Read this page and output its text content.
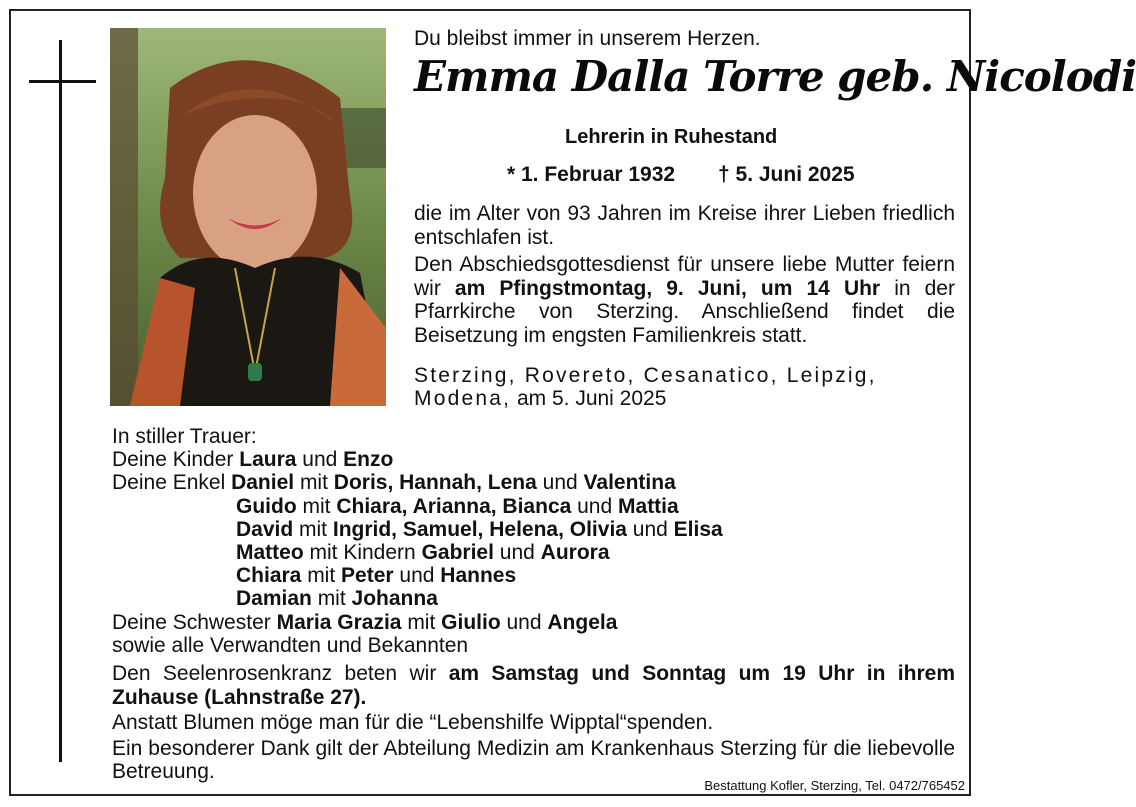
Du bleibst immer in unserem Herzen.
Emma Dalla Torre geb. Nicolodi
Lehrerin in Ruhestand
* 1. Februar 1932 † 5. Juni 2025
die im Alter von 93 Jahren im Kreise ihrer Lieben friedlich entschlafen ist.
Den Abschiedsgottesdienst für unsere liebe Mutter feiern wir am Pfingstmontag, 9. Juni, um 14 Uhr in der Pfarrkirche von Sterzing. Anschließend findet die Beisetzung im engsten Familienkreis statt.
Sterzing, Rovereto, Cesanatico, Leipzig,
Modena, am 5. Juni 2025
In stiller Trauer:
Deine Kinder Laura und Enzo
Deine Enkel Daniel mit Doris, Hannah, Lena und Valentina
Guido mit Chiara, Arianna, Bianca und Mattia
David mit Ingrid, Samuel, Helena, Olivia und Elisa
Matteo mit Kindern Gabriel und Aurora
Chiara mit Peter und Hannes
Damian mit Johanna
Deine Schwester Maria Grazia mit Giulio und Angela
sowie alle Verwandten und Bekannten

Den Seelenrosenkranz beten wir am Samstag und Sonntag um 19 Uhr in ihrem Zuhause (Lahnstraße 27).

Anstatt Blumen möge man für die “Lebenshilfe Wipptal“spenden.

Ein besonderer Dank gilt der Abteilung Medizin am Krankenhaus Sterzing für die liebevolle Betreuung.

Bestattung Kofler, Sterzing, Tel. 0472/765452
